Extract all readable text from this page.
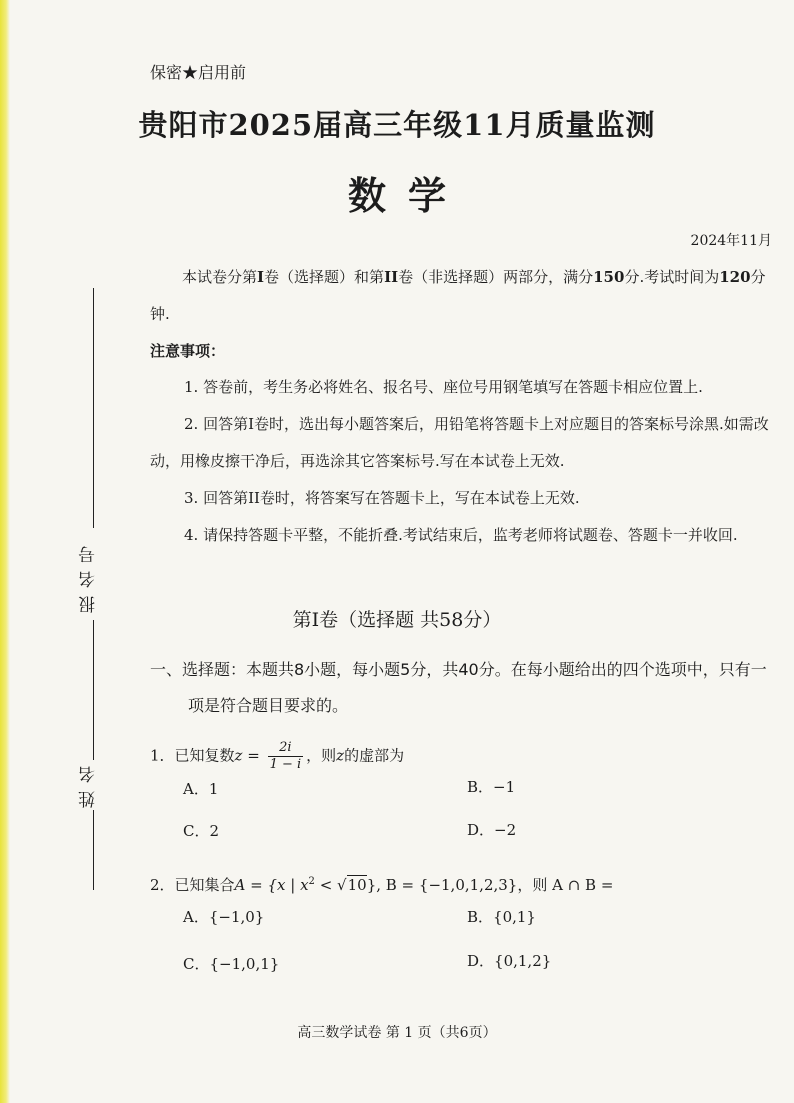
报名号
姓名
保密★启用前
贵阳市2025届高三年级11月质量监测
数学
2024年11月
本试卷分第I卷（选择题）和第II卷（非选择题）两部分，满分150分.考试时间为120分钟.
注意事项：
1. 答卷前，考生务必将姓名、报名号、座位号用钢笔填写在答题卡相应位置上.
2. 回答第I卷时，选出每小题答案后，用铅笔将答题卡上对应题目的答案标号涂黑.如需改动，用橡皮擦干净后，再选涂其它答案标号.写在本试卷上无效.
3. 回答第II卷时，将答案写在答题卡上，写在本试卷上无效.
4. 请保持答题卡平整，不能折叠.考试结束后，监考老师将试题卷、答题卡一并收回.
第I卷（选择题 共58分）
一、选择题：本题共8小题，每小题5分，共40分。在每小题给出的四个选项中，只有一
项是符合题目要求的。
1．已知复数$z = \frac{2i}{1 - i}$ ，则z的虚部为
A．1	B．−1
C．2	D．−2
2．已知集合A = {x | $x^2 < √10$}, B = {−1,0,1,2,3}，则 A ∩ B =
A．{−1,0}	B．{0,1}
C．{−1,0,1}	D．{0,1,2}
高三数学试卷 第 1 页（共6页）
